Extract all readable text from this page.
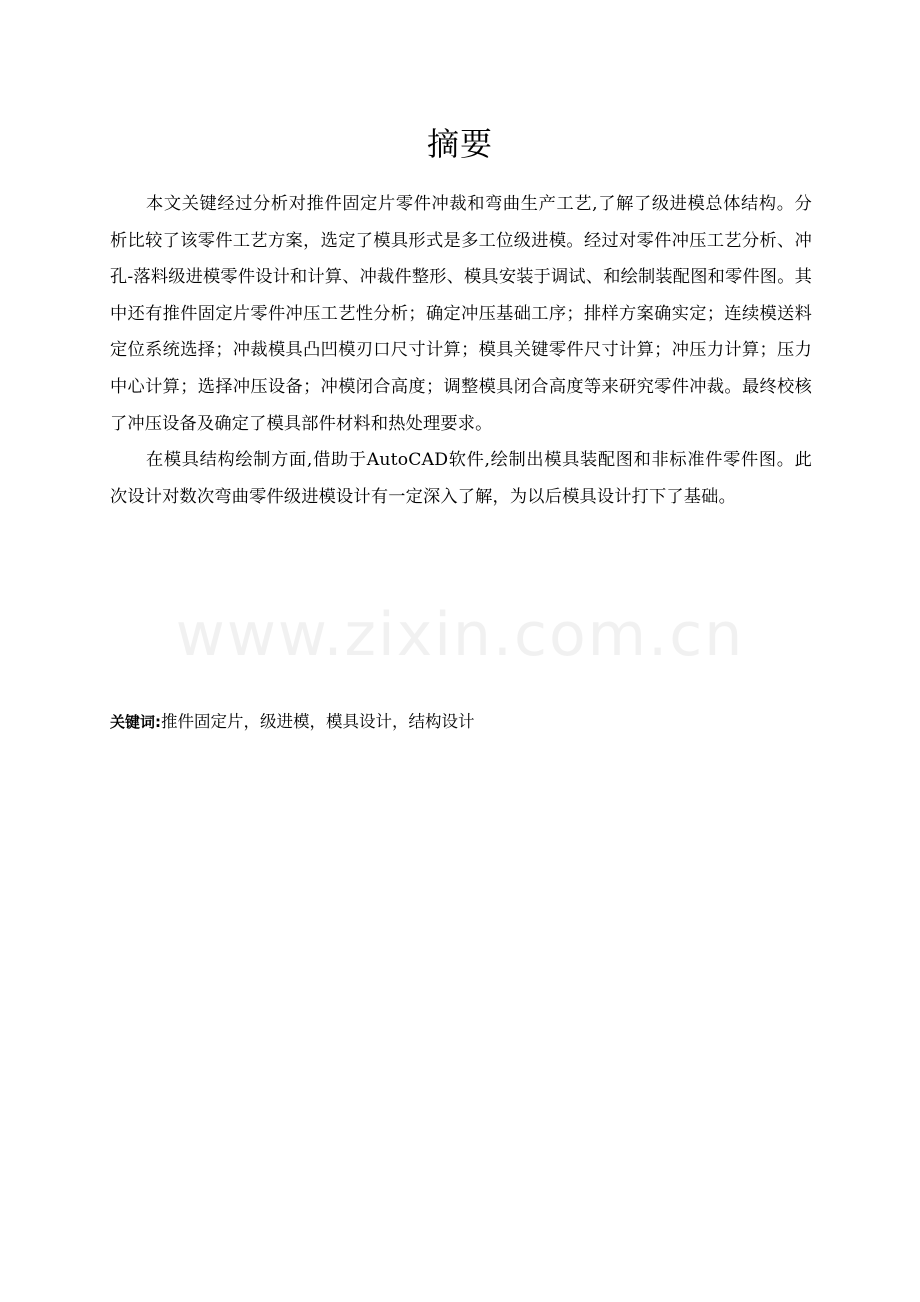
摘要

本文关键经过分析对推件固定片零件冲裁和弯曲生产工艺,了解了级进模总体结构。分析比较了该零件工艺方案，选定了模具形式是多工位级进模。经过对零件冲压工艺分析、冲孔-落料级进模零件设计和计算、冲裁件整形、模具安装于调试、和绘制装配图和零件图。其中还有推件固定片零件冲压工艺性分析；确定冲压基础工序；排样方案确实定；连续模送料定位系统选择；冲裁模具凸凹模刃口尺寸计算；模具关键零件尺寸计算；冲压力计算；压力中心计算；选择冲压设备；冲模闭合高度；调整模具闭合高度等来研究零件冲裁。最终校核了冲压设备及确定了模具部件材料和热处理要求。

在模具结构绘制方面,借助于AutoCAD软件,绘制出模具装配图和非标准件零件图。此次设计对数次弯曲零件级进模设计有一定深入了解，为以后模具设计打下了基础。

关键词:推件固定片，级进模，模具设计，结构设计

www.zixin.com.cn
